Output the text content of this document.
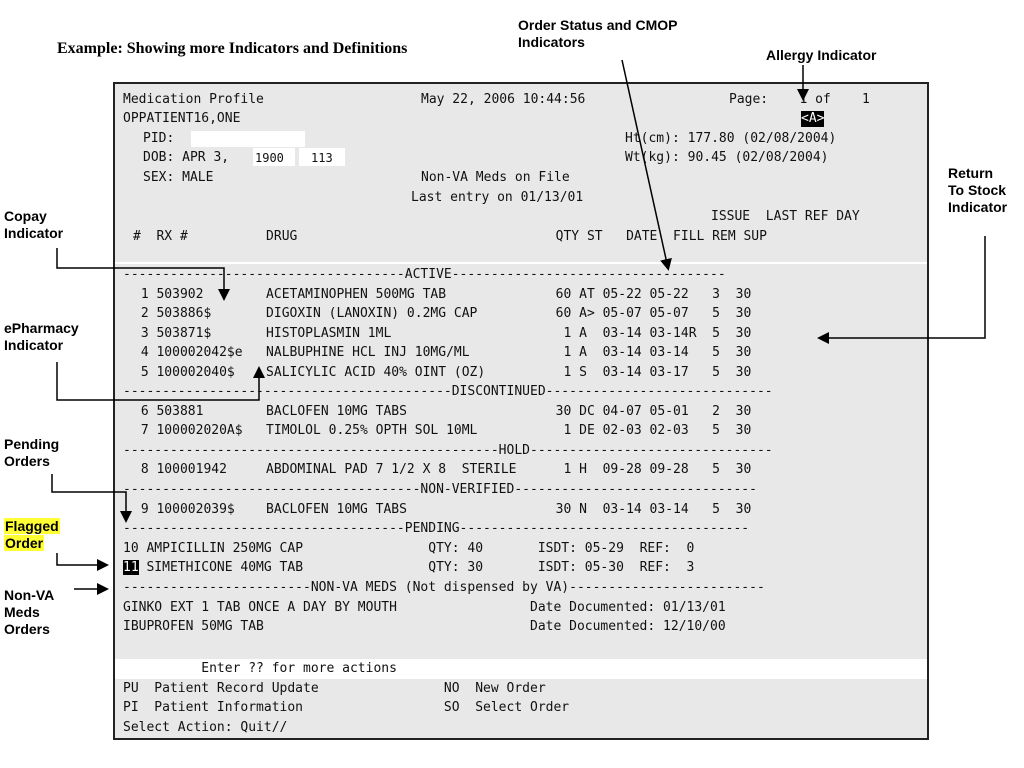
Example: Showing more Indicators and Definitions
Order Status and CMOP
Indicators
Allergy Indicator
Return
To Stock
Indicator
Copay
Indicator
ePharmacy
Indicator
Pending
Orders
Flagged
Order
Non-VA
Meds
Orders
Medication Profile	May 22, 2006 10:44:56	Page:    1 of    1
OPPATIENT16,ONE	<A>
PID:
DOB: APR 3, 1900 113
Ht(cm): 177.80 (02/08/2004)
Wt(kg): 90.45 (02/08/2004)
SEX: MALE	Non-VA Meds on File
Last entry on 01/13/01
ISSUE  LAST REF DAY
#  RX #          DRUG                                 QTY ST   DATE  FILL REM SUP
------------------------------------ACTIVE-----------------------------------
1 503902        ACETAMINOPHEN 500MG TAB              60 AT 05-22 05-22   3  30
2 503886$       DIGOXIN (LANOXIN) 0.2MG CAP          60 A> 05-07 05-07   5  30
3 503871$       HISTOPLASMIN 1ML                      1 A  03-14 03-14R  5  30
4 100002042$e   NALBUPHINE HCL INJ 10MG/ML            1 A  03-14 03-14   5  30
5 100002040$    SALICYLIC ACID 40% OINT (OZ)          1 S  03-14 03-17   5  30
------------------------------------------DISCONTINUED-----------------------------
6 503881        BACLOFEN 10MG TABS                   30 DC 04-07 05-01   2  30
7 100002020A$   TIMOLOL 0.25% OPTH SOL 10ML           1 DE 02-03 02-03   5  30
------------------------------------------------HOLD-------------------------------
8 100001942     ABDOMINAL PAD 7 1/2 X 8  STERILE      1 H  09-28 09-28   5  30
--------------------------------------NON-VERIFIED-------------------------------
9 100002039$    BACLOFEN 10MG TABS                   30 N  03-14 03-14   5  30
------------------------------------PENDING-------------------------------------
10 AMPICILLIN 250MG CAP                QTY: 40       ISDT: 05-29  REF:  0
11 SIMETHICONE 40MG TAB                QTY: 30       ISDT: 05-30  REF:  3
------------------------NON-VA MEDS (Not dispensed by VA)-------------------------
GINKO EXT 1 TAB ONCE A DAY BY MOUTH                 Date Documented: 01/13/01
IBUPROFEN 50MG TAB                                  Date Documented: 12/10/00
Enter ?? for more actions
PU  Patient Record Update                NO  New Order
PI  Patient Information                  SO  Select Order
Select Action: Quit//
